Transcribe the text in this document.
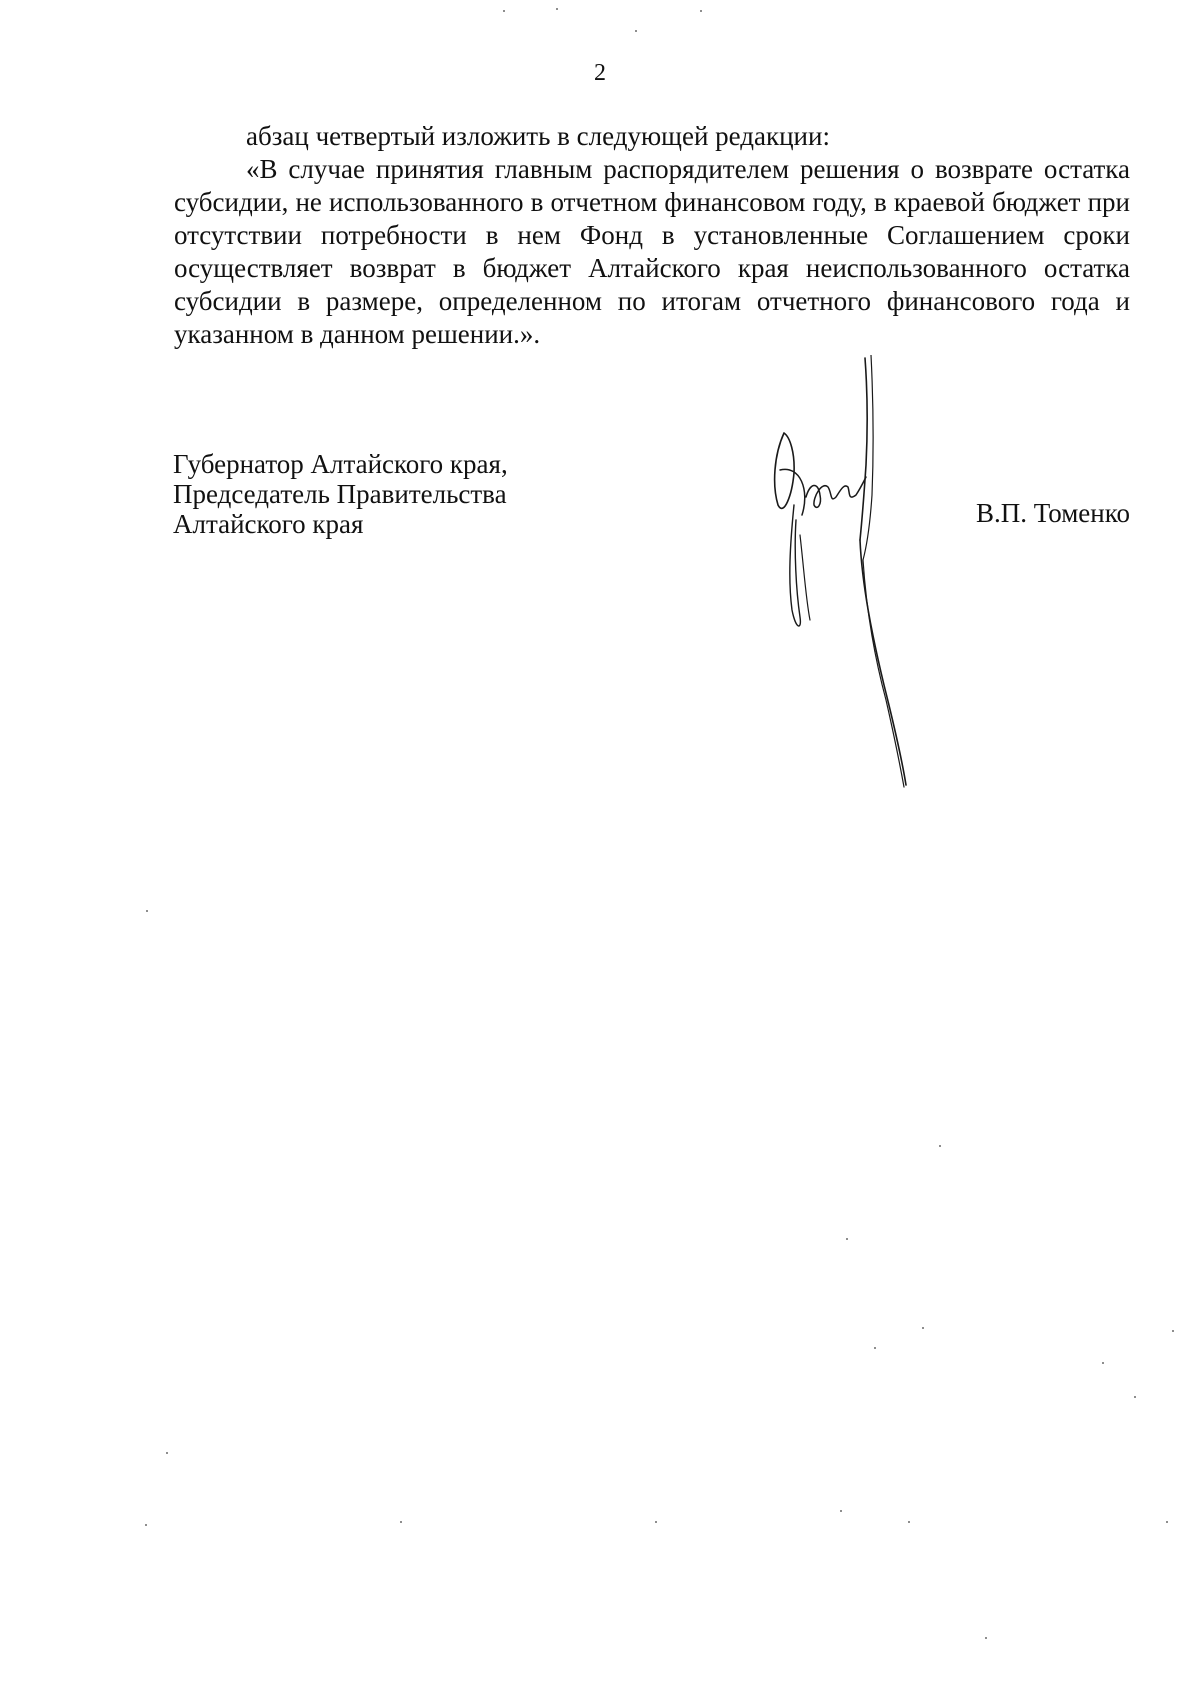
2

абзац четвертый изложить в следующей редакции:

«В случае принятия главным распорядителем решения о возврате остатка субсидии, не использованного в отчетном финансовом году, в краевой бюджет при отсутствии потребности в нем Фонд в установленные Соглашением сроки осуществляет возврат в бюджет Алтайского края неиспользованного остатка субсидии в размере, определенном по итогам отчетного финансового года и указанном в данном решении.».

Губернатор Алтайского края,
Председатель Правительства
Алтайского края	В.П. Томенко
